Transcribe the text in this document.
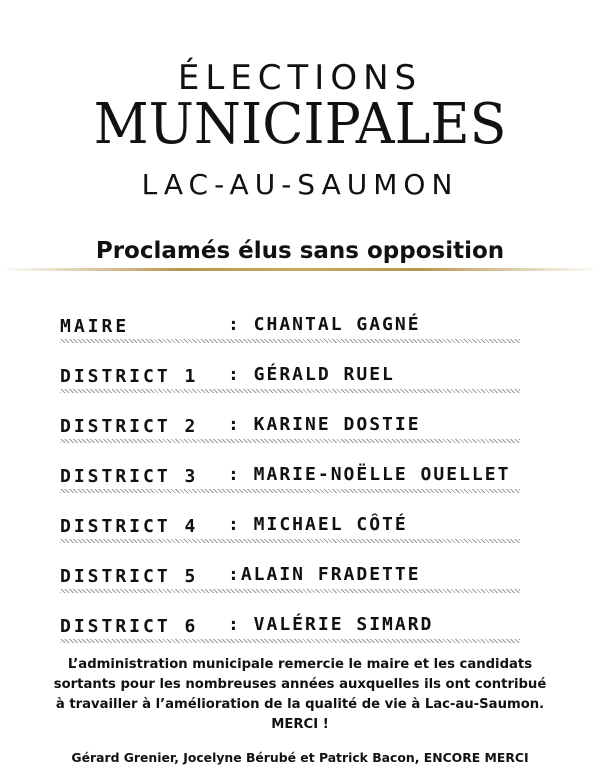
ÉLECTIONS
MUNICIPALES
LAC-AU-SAUMON
Proclamés élus sans opposition
MAIRE	: CHANTAL GAGNÉ
DISTRICT 1 : GÉRALD RUEL
DISTRICT 2 : KARINE DOSTIE
DISTRICT 3 : MARIE-NOËLLE OUELLET
DISTRICT 4 : MICHAEL CÔTÉ
DISTRICT 5 :ALAIN FRADETTE
DISTRICT 6 : VALÉRIE SIMARD
L’administration municipale remercie le maire et les candidats sortants pour les nombreuses années auxquelles ils ont contribué à travailler à l’amélioration de la qualité de vie à Lac-au-Saumon. MERCI !
Gérard Grenier, Jocelyne Bérubé et Patrick Bacon, ENCORE MERCI
